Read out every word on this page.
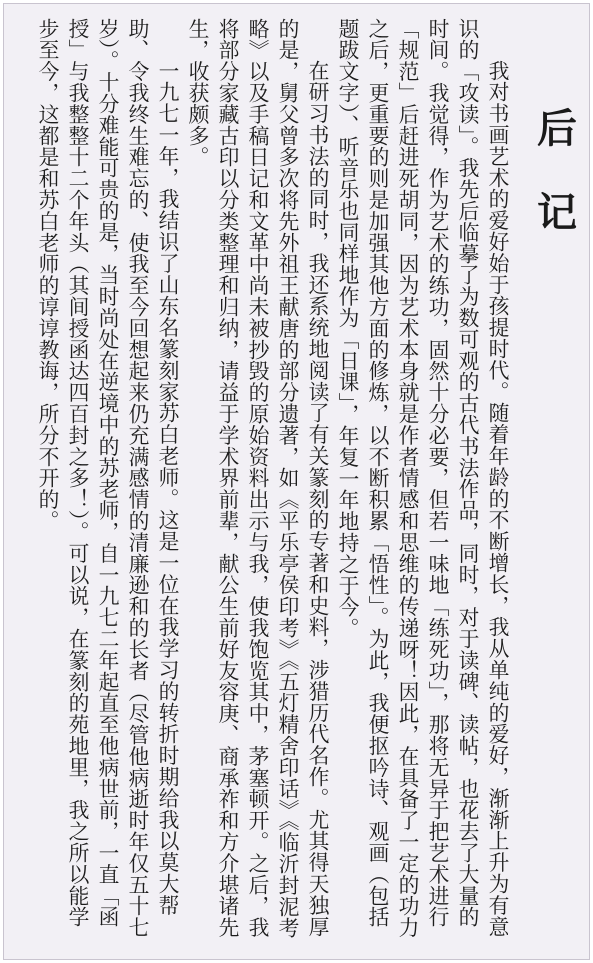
后
记

我对书画艺术的爱好始于孩提时代。随着年龄的不断增长，我从单纯的爱好，渐渐上升为有意识的「攻读」。我先后临摹了为数可观的古代书法作品，同时，对于读碑、读帖，也花去了大量的时间。我觉得，作为艺术的练功，固然十分必要，但若一味地「练死功」，那将无异于把艺术进行「规范」后赶进死胡同，因为艺术本身就是作者情感和思维的传递呀！因此，在具备了一定的功力之后，更重要的则是加强其他方面的修炼，以不断积累「悟性」。为此，我便抠吟诗、观画（包括题跋文字）、听音乐也同样地作为「日课」，年复一年地持之于今。

在研习书法的同时，我还系统地阅读了有关篆刻的专著和史料，涉猎历代名作。尤其得天独厚的是，舅父曾多次将先外祖王献唐的部分遗著，如《平乐亭侯印考》《五灯精舍印话》《临沂封泥考略》以及手稿日记和文革中尚未被抄毁的原始资料出示与我，使我饱览其中，茅塞顿开。之后，我将部分家藏古印以分类整理和归纳，请益于学术界前辈，献公生前好友容庚、商承祚和方介堪诸先生，收获颇多。

一九七一年，我结识了山东名篆刻家苏白老师。这是一位在我学习的转折时期给我以莫大帮助、令我终生难忘的、使我至今回想起来仍充满感情的清廉逊和的长者（尽管他病逝时年仅五十七岁）。十分难能可贵的是，当时尚处在逆境中的苏老师，自一九七二年起直至他病世前，一直「函授」与我整整十二个年头（其间授函达四百封之多！）。可以说，在篆刻的苑地里，我之所以能学步至今，这都是和苏白老师的谆谆教诲，所分不开的。
